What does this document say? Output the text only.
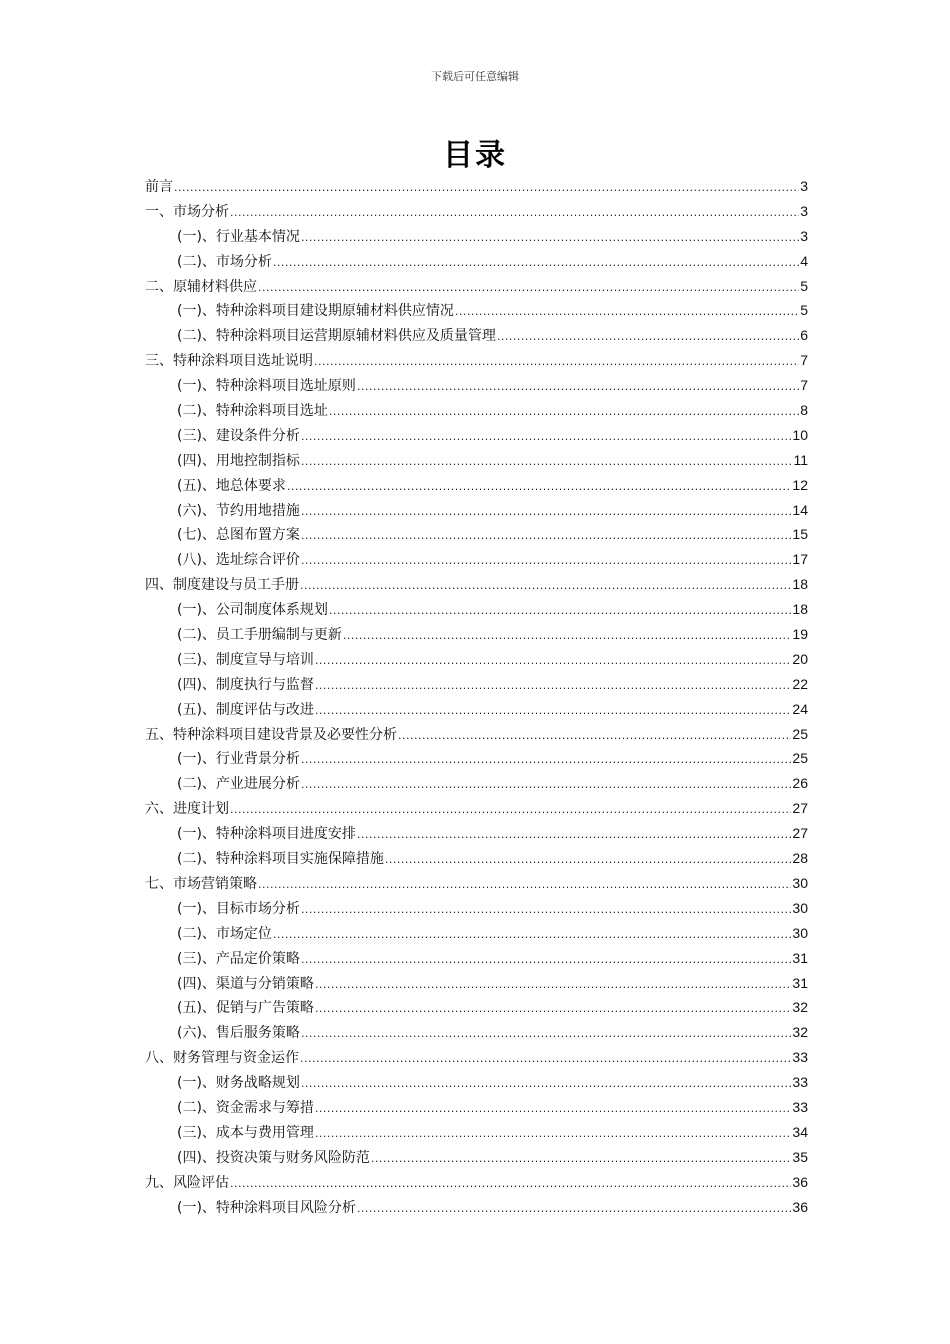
下载后可任意编辑
目录
前言 .....	3
一、市场分析 .....	3
(一)、行业基本情况 .....	3
(二)、市场分析 .....	4
二、原辅材料供应 .....	5
(一)、特种涂料项目建设期原辅材料供应情况 .....	5
(二)、特种涂料项目运营期原辅材料供应及质量管理 .....	6
三、特种涂料项目选址说明 .....	7
(一)、特种涂料项目选址原则 .....	7
(二)、特种涂料项目选址 .....	8
(三)、建设条件分析 .....	10
(四)、用地控制指标 .....	11
(五)、地总体要求 .....	12
(六)、节约用地措施 .....	14
(七)、总图布置方案 .....	15
(八)、选址综合评价 .....	17
四、制度建设与员工手册 .....	18
(一)、公司制度体系规划 .....	18
(二)、员工手册编制与更新 .....	19
(三)、制度宣导与培训 .....	20
(四)、制度执行与监督 .....	22
(五)、制度评估与改进 .....	24
五、特种涂料项目建设背景及必要性分析 .....	25
(一)、行业背景分析 .....	25
(二)、产业进展分析 .....	26
六、进度计划 .....	27
(一)、特种涂料项目进度安排 .....	27
(二)、特种涂料项目实施保障措施 .....	28
七、市场营销策略 .....	30
(一)、目标市场分析 .....	30
(二)、市场定位 .....	30
(三)、产品定价策略 .....	31
(四)、渠道与分销策略 .....	31
(五)、促销与广告策略 .....	32
(六)、售后服务策略 .....	32
八、财务管理与资金运作 .....	33
(一)、财务战略规划 .....	33
(二)、资金需求与筹措 .....	33
(三)、成本与费用管理 .....	34
(四)、投资决策与财务风险防范 .....	35
九、风险评估 .....	36
(一)、特种涂料项目风险分析 .....	36
